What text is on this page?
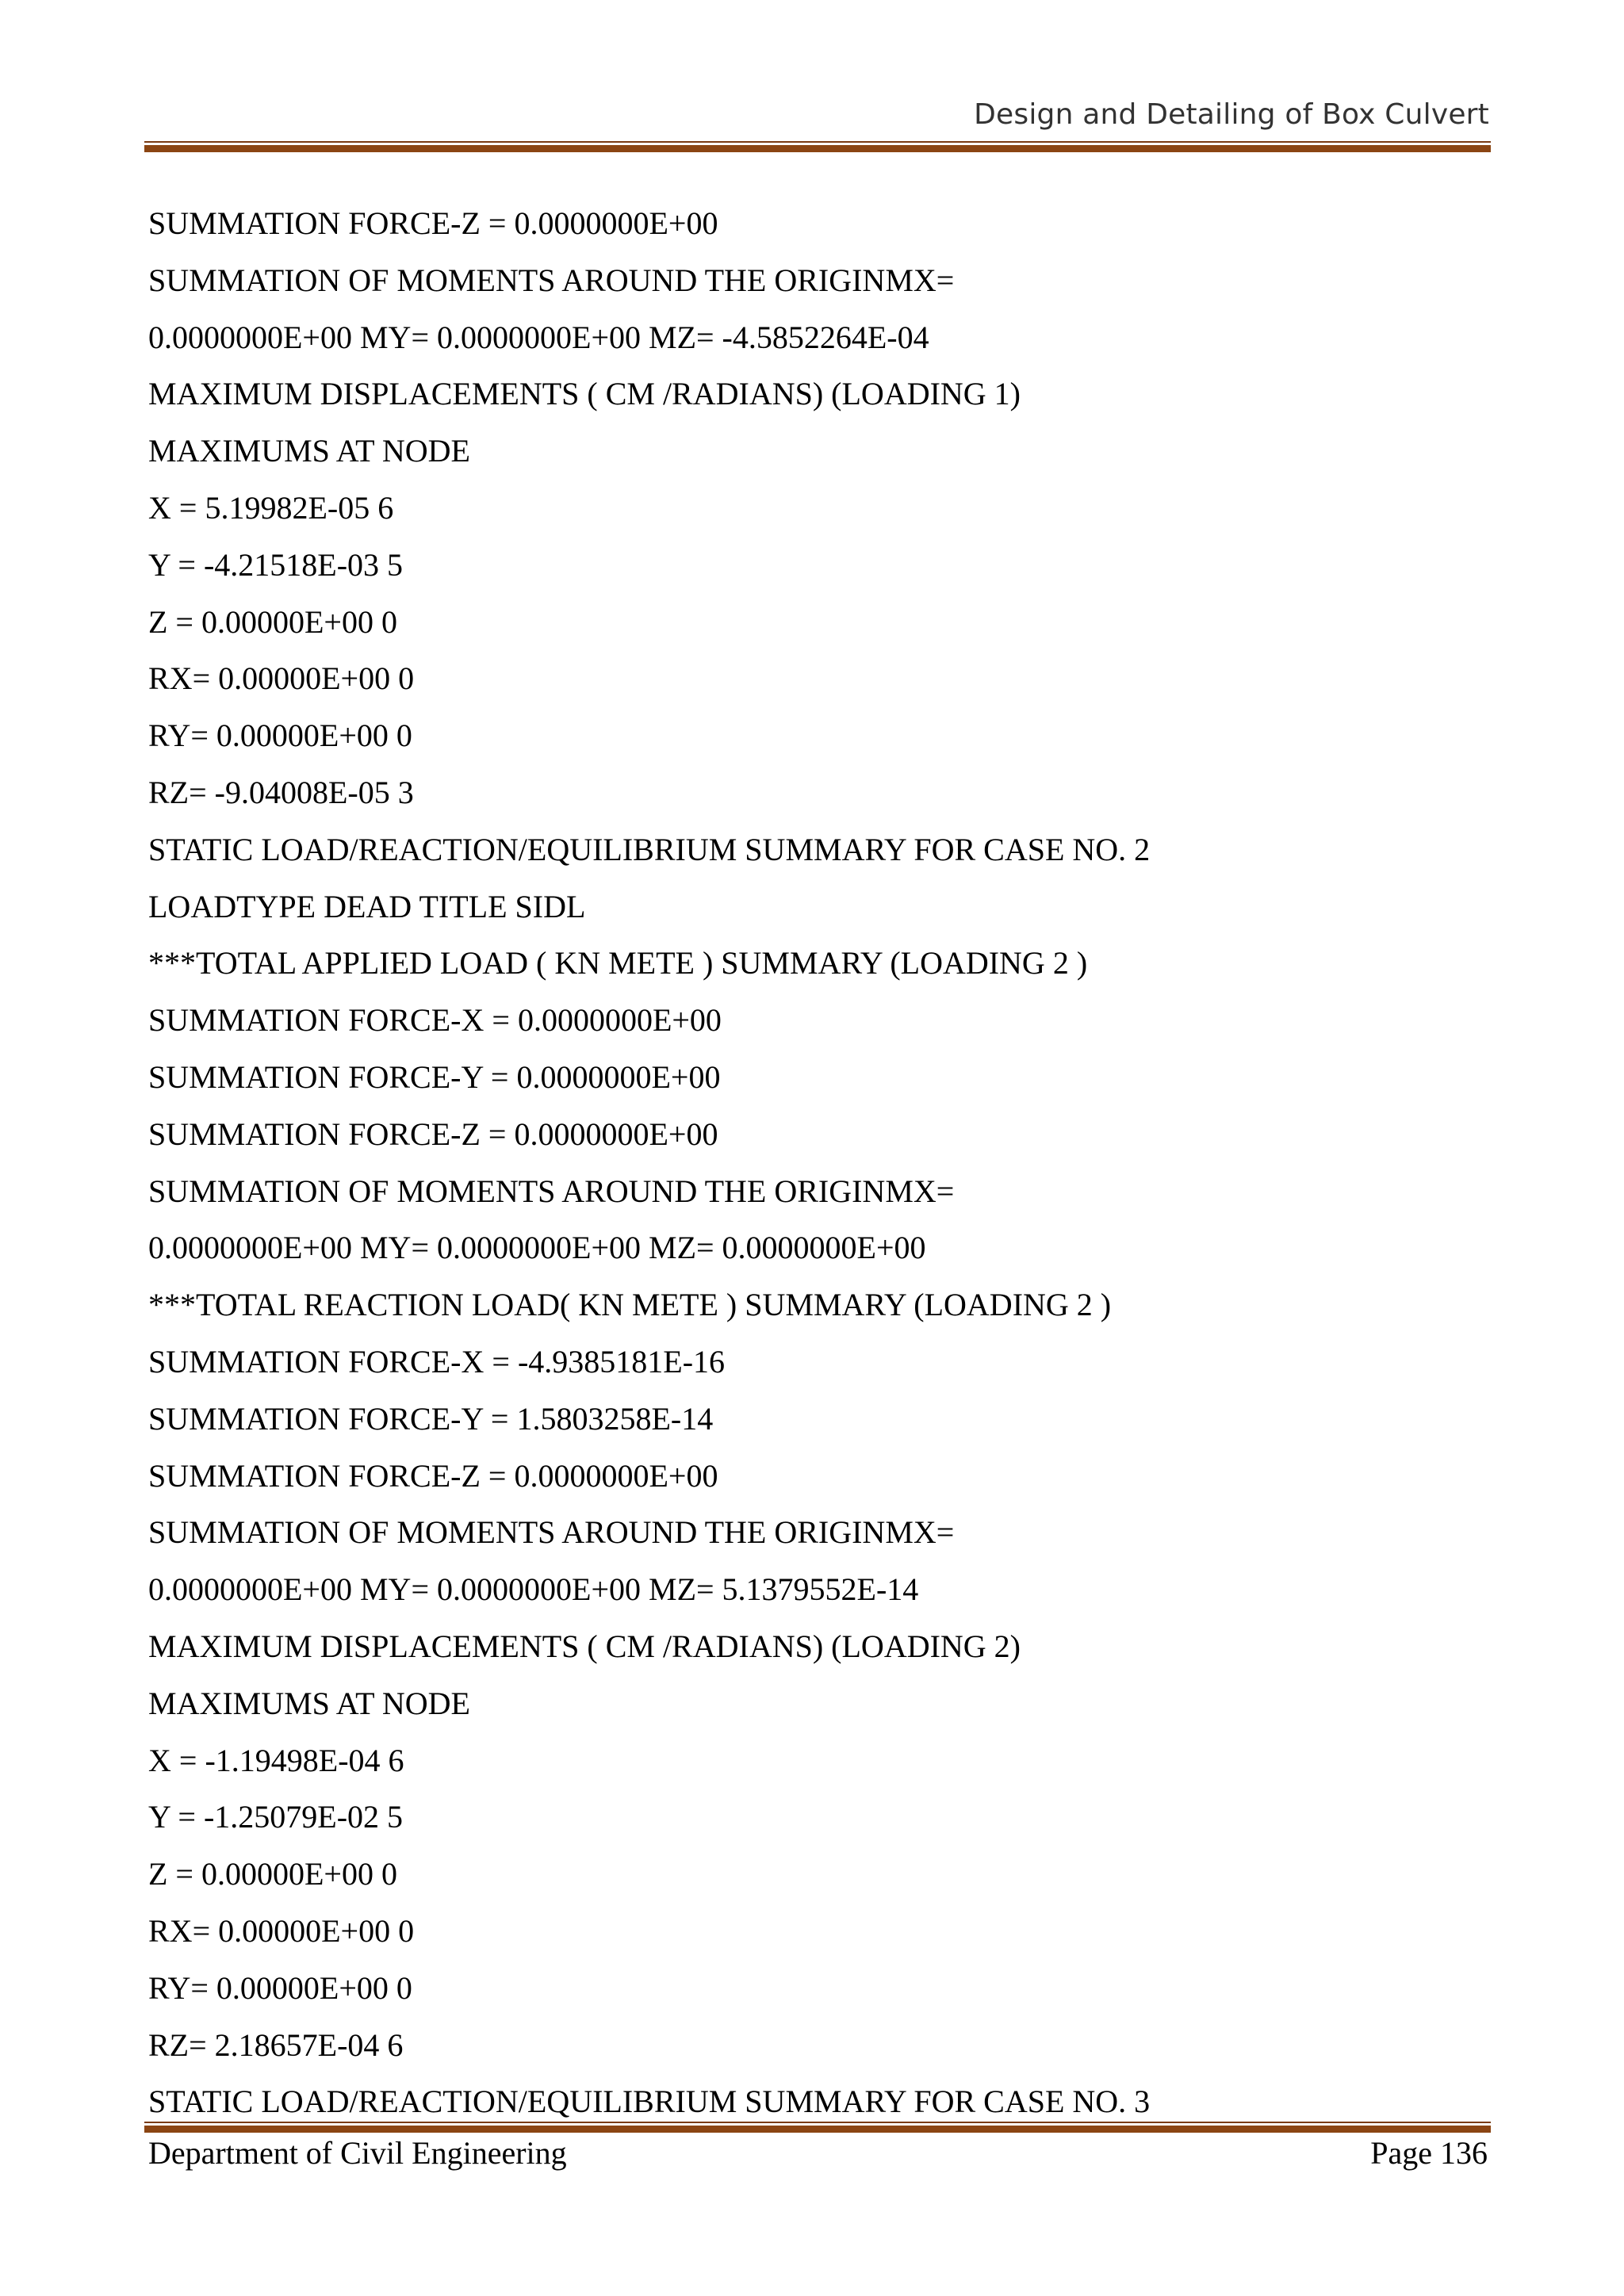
Design and Detailing of Box Culvert
SUMMATION FORCE-Z = 0.0000000E+00
SUMMATION OF MOMENTS AROUND THE ORIGINMX=
0.0000000E+00 MY= 0.0000000E+00 MZ= -4.5852264E-04
MAXIMUM DISPLACEMENTS ( CM /RADIANS) (LOADING 1)
MAXIMUMS AT NODE
X = 5.19982E-05 6
Y = -4.21518E-03 5
Z = 0.00000E+00 0
RX= 0.00000E+00 0
RY= 0.00000E+00 0
RZ= -9.04008E-05 3
STATIC LOAD/REACTION/EQUILIBRIUM SUMMARY FOR CASE NO. 2
LOADTYPE DEAD TITLE SIDL
***TOTAL APPLIED LOAD ( KN METE ) SUMMARY (LOADING 2 )
SUMMATION FORCE-X = 0.0000000E+00
SUMMATION FORCE-Y = 0.0000000E+00
SUMMATION FORCE-Z = 0.0000000E+00
SUMMATION OF MOMENTS AROUND THE ORIGINMX=
0.0000000E+00 MY= 0.0000000E+00 MZ= 0.0000000E+00
***TOTAL REACTION LOAD( KN METE ) SUMMARY (LOADING 2 )
SUMMATION FORCE-X = -4.9385181E-16
SUMMATION FORCE-Y = 1.5803258E-14
SUMMATION FORCE-Z = 0.0000000E+00
SUMMATION OF MOMENTS AROUND THE ORIGINMX=
0.0000000E+00 MY= 0.0000000E+00 MZ= 5.1379552E-14
MAXIMUM DISPLACEMENTS ( CM /RADIANS) (LOADING 2)
MAXIMUMS AT NODE
X = -1.19498E-04 6
Y = -1.25079E-02 5
Z = 0.00000E+00 0
RX= 0.00000E+00 0
RY= 0.00000E+00 0
RZ= 2.18657E-04 6
STATIC LOAD/REACTION/EQUILIBRIUM SUMMARY FOR CASE NO. 3
Department of Civil Engineering	Page 136
